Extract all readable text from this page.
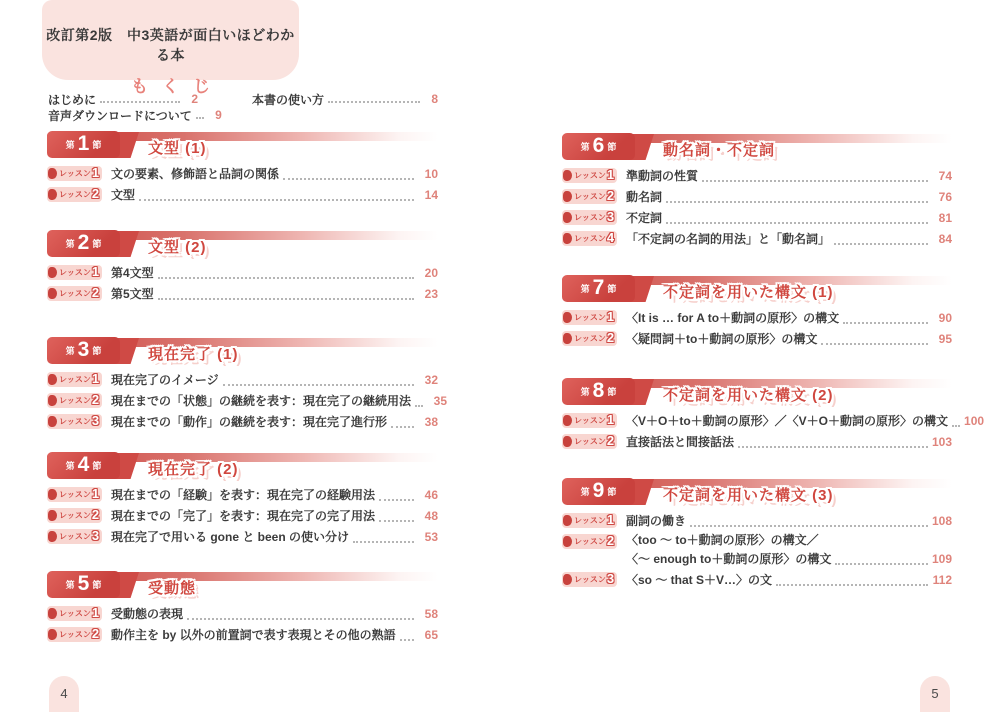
改訂第2版　中3英語が面白いほどわかる本
もくじ
はじめに	2
音声ダウンロードについて	9
本書の使い方	8
第 1 節	文型 (1)
レッスン 1 文の要素、修飾語と品詞の関係	10
レッスン 2 文型	14
第 2 節	文型 (2)
レッスン 1 第4文型	20
レッスン 2 第5文型	23
第 3 節	現在完了 (1)
レッスン 1 現在完了のイメージ	32
レッスン 2 現在までの「状態」の継続を表す：現在完了の継続用法	35
レッスン 3 現在までの「動作」の継続を表す：現在完了進行形	38
第 4 節	現在完了 (2)
レッスン 1 現在までの「経験」を表す：現在完了の経験用法	46
レッスン 2 現在までの「完了」を表す：現在完了の完了用法	48
レッスン 3 現在完了で用いる gone と been の使い分け	53
第 5 節	受動態
レッスン 1 受動態の表現	58
レッスン 2 動作主を by 以外の前置詞で表す表現とその他の熟語	65
第 6 節	動名詞・不定詞
レッスン 1 準動詞の性質	74
レッスン 2 動名詞	76
レッスン 3 不定詞	81
レッスン 4 「不定詞の名詞的用法」と「動名詞」	84
第 7 節	不定詞を用いた構文 (1)
レッスン 1 〈It is … for A to＋動詞の原形〉の構文	90
レッスン 2 〈疑問詞＋to＋動詞の原形〉の構文	95
第 8 節	不定詞を用いた構文 (2)
レッスン 1 〈V＋O＋to＋動詞の原形〉／〈V＋O＋動詞の原形〉の構文 100
レッスン 2 直接話法と間接話法	103
第 9 節	不定詞を用いた構文 (3)
レッスン 1 副詞の働き	108
レッスン 2 〈too ～ to＋動詞の原形〉の構文／
〈～ enough to＋動詞の原形〉の構文	109
レッスン 3 〈so ～ that S＋V…〉の文	112
4	5
